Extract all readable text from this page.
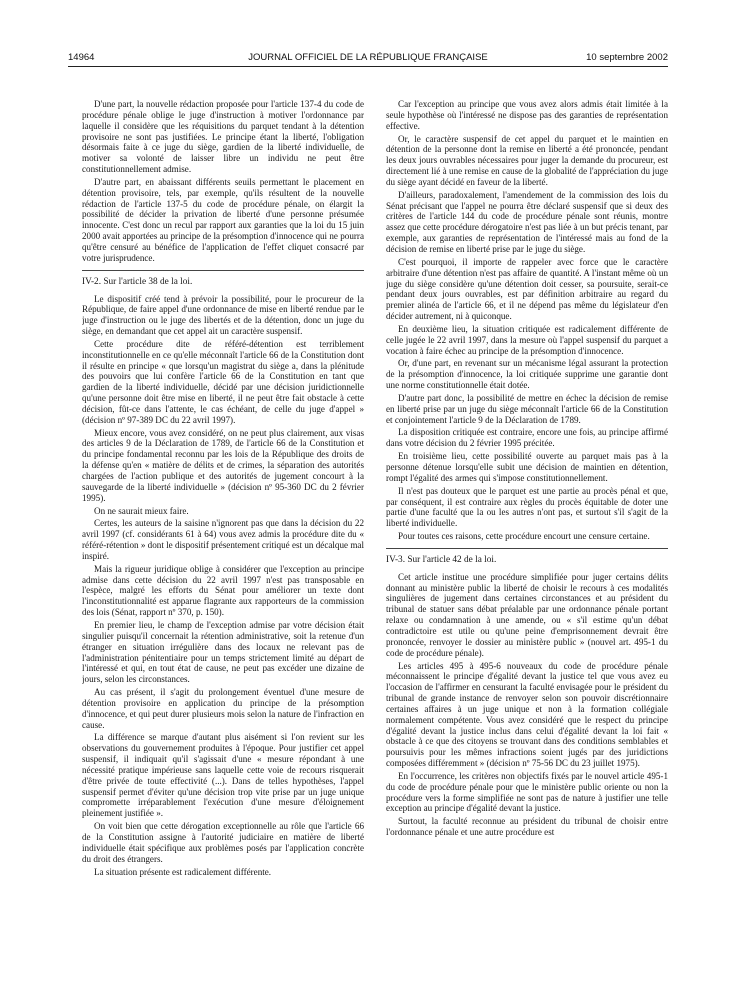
14964	JOURNAL OFFICIEL DE LA RÉPUBLIQUE FRANÇAISE	10 septembre 2002

D'une part, la nouvelle rédaction proposée pour l'article 137-4 du code de procédure pénale oblige le juge d'instruction à motiver l'ordonnance par laquelle il considère que les réquisitions du parquet tendant à la détention provisoire ne sont pas justifiées. Le principe étant la liberté, l'obligation désormais faite à ce juge du siège, gardien de la liberté individuelle, de motiver sa volonté de laisser libre un individu ne peut être constitutionnellement admise.

D'autre part, en abaissant différents seuils permettant le placement en détention provisoire, tels, par exemple, qu'ils résultent de la nouvelle rédaction de l'article 137-5 du code de procédure pénale, on élargit la possibilité de décider la privation de liberté d'une personne présumée innocente. C'est donc un recul par rapport aux garanties que la loi du 15 juin 2000 avait apportées au principe de la présomption d'innocence qui ne pourra qu'être censuré au bénéfice de l'application de l'effet cliquet consacré par votre jurisprudence.

IV-2. Sur l'article 38 de la loi.

Le dispositif créé tend à prévoir la possibilité, pour le procureur de la République, de faire appel d'une ordonnance de mise en liberté rendue par le juge d'instruction ou le juge des libertés et de la détention, donc un juge du siège, en demandant que cet appel ait un caractère suspensif.

Cette procédure dite de référé-détention est terriblement inconstitutionnelle en ce qu'elle méconnaît l'article 66 de la Constitution dont il résulte en principe « que lorsqu'un magistrat du siège a, dans la plénitude des pouvoirs que lui confère l'article 66 de la Constitution en tant que gardien de la liberté individuelle, décidé par une décision juridictionnelle qu'une personne doit être mise en liberté, il ne peut être fait obstacle à cette décision, fût-ce dans l'attente, le cas échéant, de celle du juge d'appel » (décision nº 97-389 DC du 22 avril 1997).

Mieux encore, vous avez considéré, on ne peut plus clairement, aux visas des articles 9 de la Déclaration de 1789, de l'article 66 de la Constitution et du principe fondamental reconnu par les lois de la République des droits de la défense qu'en « matière de délits et de crimes, la séparation des autorités chargées de l'action publique et des autorités de jugement concourt à la sauvegarde de la liberté individuelle » (décision nº 95-360 DC du 2 février 1995).

On ne saurait mieux faire.

Certes, les auteurs de la saisine n'ignorent pas que dans la décision du 22 avril 1997 (cf. considérants 61 à 64) vous avez admis la procédure dite du « référé-rétention » dont le dispositif présentement critiqué est un décalque mal inspiré.

Mais la rigueur juridique oblige à considérer que l'exception au principe admise dans cette décision du 22 avril 1997 n'est pas transposable en l'espèce, malgré les efforts du Sénat pour améliorer un texte dont l'inconstitutionnalité est apparue flagrante aux rapporteurs de la commission des lois (Sénat, rapport nº 370, p. 150).

En premier lieu, le champ de l'exception admise par votre décision était singulier puisqu'il concernait la rétention administrative, soit la retenue d'un étranger en situation irrégulière dans des locaux ne relevant pas de l'administration pénitentiaire pour un temps strictement limité au départ de l'intéressé et qui, en tout état de cause, ne peut pas excéder une dizaine de jours, selon les circonstances.

Au cas présent, il s'agit du prolongement éventuel d'une mesure de détention provisoire en application du principe de la présomption d'innocence, et qui peut durer plusieurs mois selon la nature de l'infraction en cause.

La différence se marque d'autant plus aisément si l'on revient sur les observations du gouvernement produites à l'époque. Pour justifier cet appel suspensif, il indiquait qu'il s'agissait d'une « mesure répondant à une nécessité pratique impérieuse sans laquelle cette voie de recours risquerait d'être privée de toute effectivité (...). Dans de telles hypothèses, l'appel suspensif permet d'éviter qu'une décision trop vite prise par un juge unique compromette irréparablement l'exécution d'une mesure d'éloignement pleinement justifiée ».

On voit bien que cette dérogation exceptionnelle au rôle que l'article 66 de la Constitution assigne à l'autorité judiciaire en matière de liberté individuelle était spécifique aux problèmes posés par l'application concrète du droit des étrangers.

La situation présente est radicalement différente.

Car l'exception au principe que vous avez alors admis était limitée à la seule hypothèse où l'intéressé ne dispose pas des garanties de représentation effective.

Or, le caractère suspensif de cet appel du parquet et le maintien en détention de la personne dont la remise en liberté a été prononcée, pendant les deux jours ouvrables nécessaires pour juger la demande du procureur, est directement lié à une remise en cause de la globalité de l'appréciation du juge du siège ayant décidé en faveur de la liberté.

D'ailleurs, paradoxalement, l'amendement de la commission des lois du Sénat précisant que l'appel ne pourra être déclaré suspensif que si deux des critères de l'article 144 du code de procédure pénale sont réunis, montre assez que cette procédure dérogatoire n'est pas liée à un but précis tenant, par exemple, aux garanties de représentation de l'intéressé mais au fond de la décision de remise en liberté prise par le juge du siège.

C'est pourquoi, il importe de rappeler avec force que le caractère arbitraire d'une détention n'est pas affaire de quantité. A l'instant même où un juge du siège considère qu'une détention doit cesser, sa poursuite, serait-ce pendant deux jours ouvrables, est par définition arbitraire au regard du premier alinéa de l'article 66, et il ne dépend pas même du législateur d'en décider autrement, ni à quiconque.

En deuxième lieu, la situation critiquée est radicalement différente de celle jugée le 22 avril 1997, dans la mesure où l'appel suspensif du parquet a vocation à faire échec au principe de la présomption d'innocence.

Or, d'une part, en revenant sur un mécanisme légal assurant la protection de la présomption d'innocence, la loi critiquée supprime une garantie dont une norme constitutionnelle était dotée.

D'autre part donc, la possibilité de mettre en échec la décision de remise en liberté prise par un juge du siège méconnaît l'article 66 de la Constitution et conjointement l'article 9 de la Déclaration de 1789.

La disposition critiquée est contraire, encore une fois, au principe affirmé dans votre décision du 2 février 1995 précitée.

En troisième lieu, cette possibilité ouverte au parquet mais pas à la personne détenue lorsqu'elle subit une décision de maintien en détention, rompt l'égalité des armes qui s'impose constitutionnellement.

Il n'est pas douteux que le parquet est une partie au procès pénal et que, par conséquent, il est contraire aux règles du procès équitable de doter une partie d'une faculté que la ou les autres n'ont pas, et surtout s'il s'agit de la liberté individuelle.

Pour toutes ces raisons, cette procédure encourt une censure certaine.

IV-3. Sur l'article 42 de la loi.

Cet article institue une procédure simplifiée pour juger certains délits donnant au ministère public la liberté de choisir le recours à ces modalités singulières de jugement dans certaines circonstances et au président du tribunal de statuer sans débat préalable par une ordonnance pénale portant relaxe ou condamnation à une amende, ou « s'il estime qu'un débat contradictoire est utile ou qu'une peine d'emprisonnement devrait être prononcée, renvoyer le dossier au ministère public » (nouvel art. 495-1 du code de procédure pénale).

Les articles 495 à 495-6 nouveaux du code de procédure pénale méconnaissent le principe d'égalité devant la justice tel que vous avez eu l'occasion de l'affirmer en censurant la faculté envisagée pour le président du tribunal de grande instance de renvoyer selon son pouvoir discrétionnaire certaines affaires à un juge unique et non à la formation collégiale normalement compétente. Vous avez considéré que le respect du principe d'égalité devant la justice inclus dans celui d'égalité devant la loi fait « obstacle à ce que des citoyens se trouvant dans des conditions semblables et poursuivis pour les mêmes infractions soient jugés par des juridictions composées différemment » (décision nº 75-56 DC du 23 juillet 1975).

En l'occurrence, les critères non objectifs fixés par le nouvel article 495-1 du code de procédure pénale pour que le ministère public oriente ou non la procédure vers la forme simplifiée ne sont pas de nature à justifier une telle exception au principe d'égalité devant la justice.

Surtout, la faculté reconnue au président du tribunal de choisir entre l'ordonnance pénale et une autre procédure est
